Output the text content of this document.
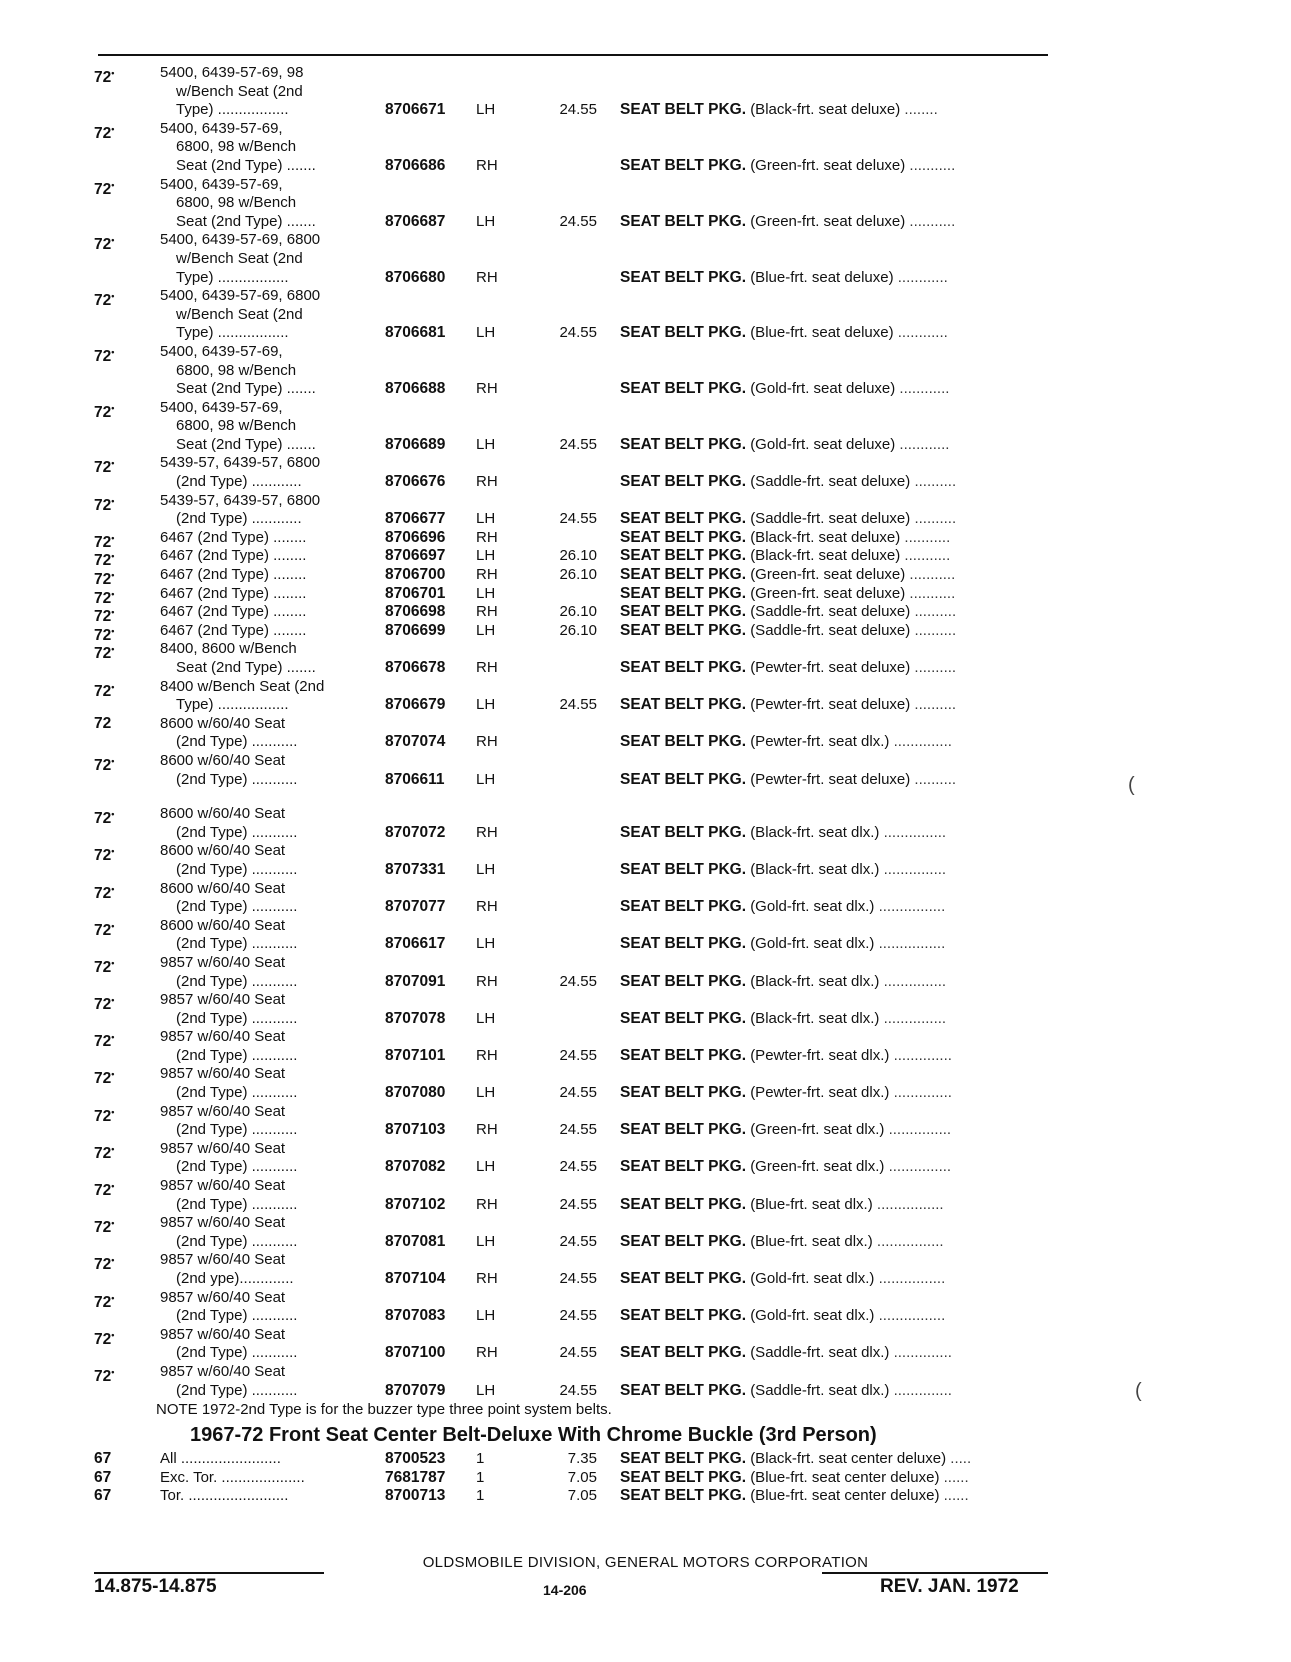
72•	5400, 6439-57-69, 98
w/Bench Seat (2nd
Type) .................	8706671 LH	24.55 SEAT BELT PKG. (Black-frt. seat deluxe) ........
72•	5400, 6439-57-69,
6800, 98 w/Bench
Seat (2nd Type) .......	8706686 RH	SEAT BELT PKG. (Green-frt. seat deluxe) ...........
72•	5400, 6439-57-69,
6800, 98 w/Bench
Seat (2nd Type) .......	8706687 LH	24.55 SEAT BELT PKG. (Green-frt. seat deluxe) ...........
72•	5400, 6439-57-69, 6800
w/Bench Seat (2nd
Type) .................	8706680 RH	SEAT BELT PKG. (Blue-frt. seat deluxe) ............
72•	5400, 6439-57-69, 6800
w/Bench Seat (2nd
Type) .................	8706681 LH	24.55 SEAT BELT PKG. (Blue-frt. seat deluxe) ............
72•	5400, 6439-57-69,
6800, 98 w/Bench
Seat (2nd Type) .......	8706688 RH	SEAT BELT PKG. (Gold-frt. seat deluxe) ............
72•	5400, 6439-57-69,
6800, 98 w/Bench
Seat (2nd Type) .......	8706689 LH	24.55 SEAT BELT PKG. (Gold-frt. seat deluxe) ............
72•	5439-57, 6439-57, 6800
(2nd Type) ............	8706676 RH	SEAT BELT PKG. (Saddle-frt. seat deluxe) ..........
72•	5439-57, 6439-57, 6800
(2nd Type) ............	8706677 LH	24.55 SEAT BELT PKG. (Saddle-frt. seat deluxe) ..........
72•	6467 (2nd Type) ........	8706696 RH	SEAT BELT PKG. (Black-frt. seat deluxe) ...........
72•	6467 (2nd Type) ........	8706697 LH	26.10 SEAT BELT PKG. (Black-frt. seat deluxe) ...........
72•	6467 (2nd Type) ........	8706700 RH	26.10 SEAT BELT PKG. (Green-frt. seat deluxe) ...........
72•	6467 (2nd Type) ........	8706701 LH	SEAT BELT PKG. (Green-frt. seat deluxe) ...........
72•	6467 (2nd Type) ........	8706698 RH	26.10 SEAT BELT PKG. (Saddle-frt. seat deluxe) ..........
72•	6467 (2nd Type) ........	8706699 LH	26.10 SEAT BELT PKG. (Saddle-frt. seat deluxe) ..........
72•	8400, 8600 w/Bench
Seat (2nd Type) .......	8706678 RH	SEAT BELT PKG. (Pewter-frt. seat deluxe) ..........
72•	8400 w/Bench Seat (2nd
Type) .................	8706679 LH	24.55 SEAT BELT PKG. (Pewter-frt. seat deluxe) ..........
72	8600 w/60/40 Seat
(2nd Type) ...........	8707074 RH	SEAT BELT PKG. (Pewter-frt. seat dlx.) ..............
72•	8600 w/60/40 Seat
(2nd Type) ...........	8706611 LH	SEAT BELT PKG. (Pewter-frt. seat deluxe) ..........
72•	8600 w/60/40 Seat
(2nd Type) ...........	8707072 RH	SEAT BELT PKG. (Black-frt. seat dlx.) ...............
72•	8600 w/60/40 Seat
(2nd Type) ...........	8707331 LH	SEAT BELT PKG. (Black-frt. seat dlx.) ...............
72•	8600 w/60/40 Seat
(2nd Type) ...........	8707077 RH	SEAT BELT PKG. (Gold-frt. seat dlx.) ................
72•	8600 w/60/40 Seat
(2nd Type) ...........	8706617 LH	SEAT BELT PKG. (Gold-frt. seat dlx.) ................
72•	9857 w/60/40 Seat
(2nd Type) ...........	8707091 RH	24.55 SEAT BELT PKG. (Black-frt. seat dlx.) ...............
72•	9857 w/60/40 Seat
(2nd Type) ...........	8707078 LH	SEAT BELT PKG. (Black-frt. seat dlx.) ...............
72•	9857 w/60/40 Seat
(2nd Type) ...........	8707101 RH	24.55 SEAT BELT PKG. (Pewter-frt. seat dlx.) ..............
72•	9857 w/60/40 Seat
(2nd Type) ...........	8707080 LH	24.55 SEAT BELT PKG. (Pewter-frt. seat dlx.) ..............
72•	9857 w/60/40 Seat
(2nd Type) ...........	8707103 RH	24.55 SEAT BELT PKG. (Green-frt. seat dlx.) ...............
72•	9857 w/60/40 Seat
(2nd Type) ...........	8707082 LH	24.55 SEAT BELT PKG. (Green-frt. seat dlx.) ...............
72•	9857 w/60/40 Seat
(2nd Type) ...........	8707102 RH	24.55 SEAT BELT PKG. (Blue-frt. seat dlx.) ................
72•	9857 w/60/40 Seat
(2nd Type) ...........	8707081 LH	24.55 SEAT BELT PKG. (Blue-frt. seat dlx.) ................
72•	9857 w/60/40 Seat
(2nd ype).............	8707104 RH	24.55 SEAT BELT PKG. (Gold-frt. seat dlx.) ................
72•	9857 w/60/40 Seat
(2nd Type) ...........	8707083 LH	24.55 SEAT BELT PKG. (Gold-frt. seat dlx.) ................
72•	9857 w/60/40 Seat
(2nd Type) ...........	8707100 RH	24.55 SEAT BELT PKG. (Saddle-frt. seat dlx.) ..............
72•	9857 w/60/40 Seat
(2nd Type) ...........	8707079 LH	24.55 SEAT BELT PKG. (Saddle-frt. seat dlx.) ..............
NOTE 1972-2nd Type is for the buzzer type three point system belts.
1967-72 Front Seat Center Belt-Deluxe With Chrome Buckle (3rd Person)
67	All ........................	8700523 1	7.35 SEAT BELT PKG. (Black-frt. seat center deluxe) .....
67	Exc. Tor. ....................	7681787 1	7.05 SEAT BELT PKG. (Blue-frt. seat center deluxe) ......
67	Tor. ........................	8700713 1	7.05 SEAT BELT PKG. (Blue-frt. seat center deluxe) ......
(
(
OLDSMOBILE DIVISION, GENERAL MOTORS CORPORATION
14.875-14.875	14-206	REV. JAN. 1972
